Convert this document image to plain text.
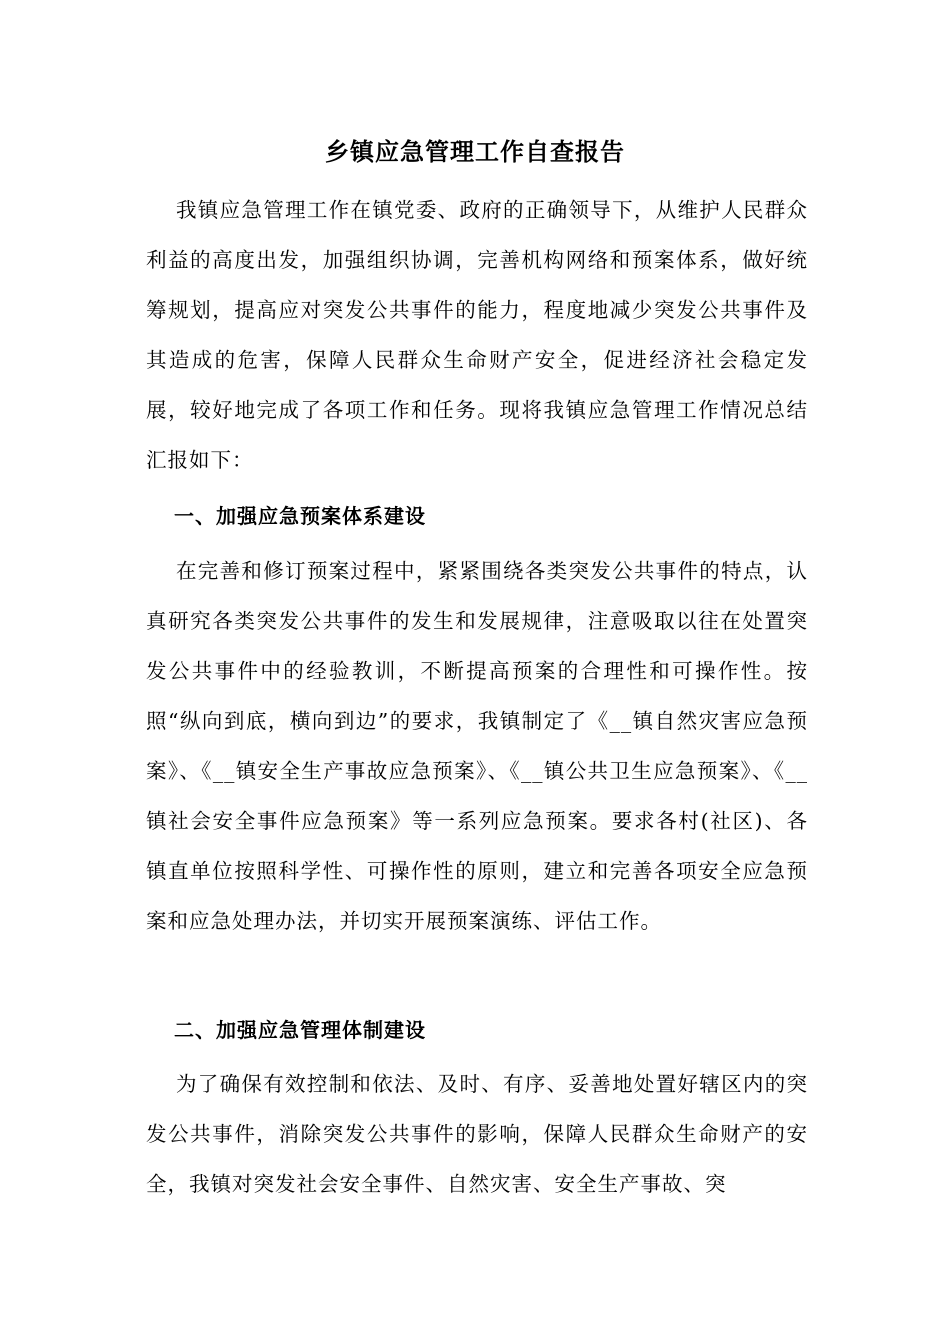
乡镇应急管理工作自查报告

我镇应急管理工作在镇党委、政府的正确领导下，从维护人民群众利益的高度出发，加强组织协调，完善机构网络和预案体系，做好统筹规划，提高应对突发公共事件的能力，程度地减少突发公共事件及其造成的危害，保障人民群众生命财产安全，促进经济社会稳定发展，较好地完成了各项工作和任务。现将我镇应急管理工作情况总结汇报如下：

一、加强应急预案体系建设

在完善和修订预案过程中，紧紧围绕各类突发公共事件的特点，认真研究各类突发公共事件的发生和发展规律，注意吸取以往在处置突发公共事件中的经验教训，不断提高预案的合理性和可操作性。按照“纵向到底，横向到边”的要求，我镇制定了《__镇自然灾害应急预案》、《__镇安全生产事故应急预案》、《__镇公共卫生应急预案》、《__镇社会安全事件应急预案》等一系列应急预案。要求各村(社区)、各镇直单位按照科学性、可操作性的原则，建立和完善各项安全应急预案和应急处理办法，并切实开展预案演练、评估工作。

二、加强应急管理体制建设

为了确保有效控制和依法、及时、有序、妥善地处置好辖区内的突发公共事件，消除突发公共事件的影响，保障人民群众生命财产的安全，我镇对突发社会安全事件、自然灾害、安全生产事故、突
